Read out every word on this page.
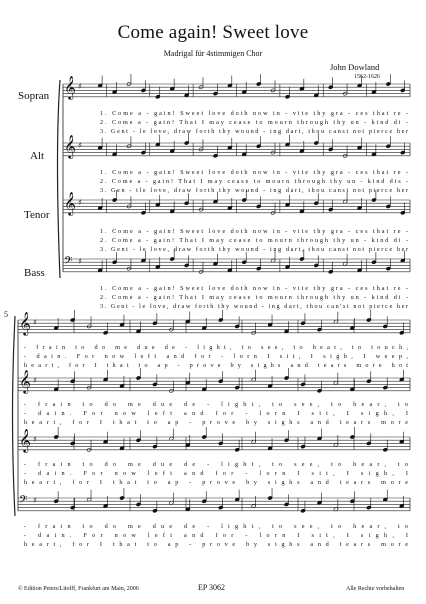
Come again! Sweet love
Madrigal für 4stimmigen Chor
John Dowland
1562-1626
Sopran
Alt
Tenor
Bass
5
𝄞 ♯
1. Come a - gain! Sweet love doth now in - vite thy gra - ces that re -
2. Come a - gain! That I may cease to mourn through thy un - kind di -
3. Gent - le love, draw forth thy wound - ing dart, thou canst not pierce her
𝄞 ♯
1. Come a - gain! Sweet love doth now in - vite thy gra - ces that re -
2. Come a - gain! That I may cease to mourn through thy un - kind dis -
3. Gen - tle love, draw forth thy wound - ing dart, thou canst not pierce her
𝄞 ♯
1. Come a - gain! Sweet love doth now in - vite thy gra - ces that re -
2. Come a - gain! That I may cease to mourn through thy un - kind di -
3. Gent - le love, draw forth thy wound - ing dart, thou canst not pierce her
𝄢 ♯
1. Come a - gain! Sweet love doth now in - vite thy gra - ces that re -
2. Come a - gain! That I may cease to mourn through thy un - kind di -
3. Gent - le love, draw forth thy wound - ing dart, thou can'st not pierce her
𝄞 ♯
- frain to do me due de - light, to see, to hear, to touch,
- dain. For now left and for - lorn I sit, I sigh, I weep,
heart, for I that to ap - prove by sighs and tears more hot
𝄞 ♯
- frain to do me due de - light, to see, to hear, to
- dain. For now left and for - lorn I sit, I sigh, I
heart, for I that to ap - prove by sighs and tears more
𝄞 ♯
- frain to do me due de - light, to see, to hear, to
- dain. For now left and for - lorn I sit, I sigh, I
heart, for I that to ap - prove by sighs and tears more
𝄢 ♯
- frain to do me due de - light, to see, to hear, to
- dain. For now left and for - lorn I sit, I sigh, I
heart, for I that to ap - prove by sighs and tears more
© Edition Peters/Litolff, Frankfurt am Main, 2006	EP 3062	Alle Rechte vorbehalten
